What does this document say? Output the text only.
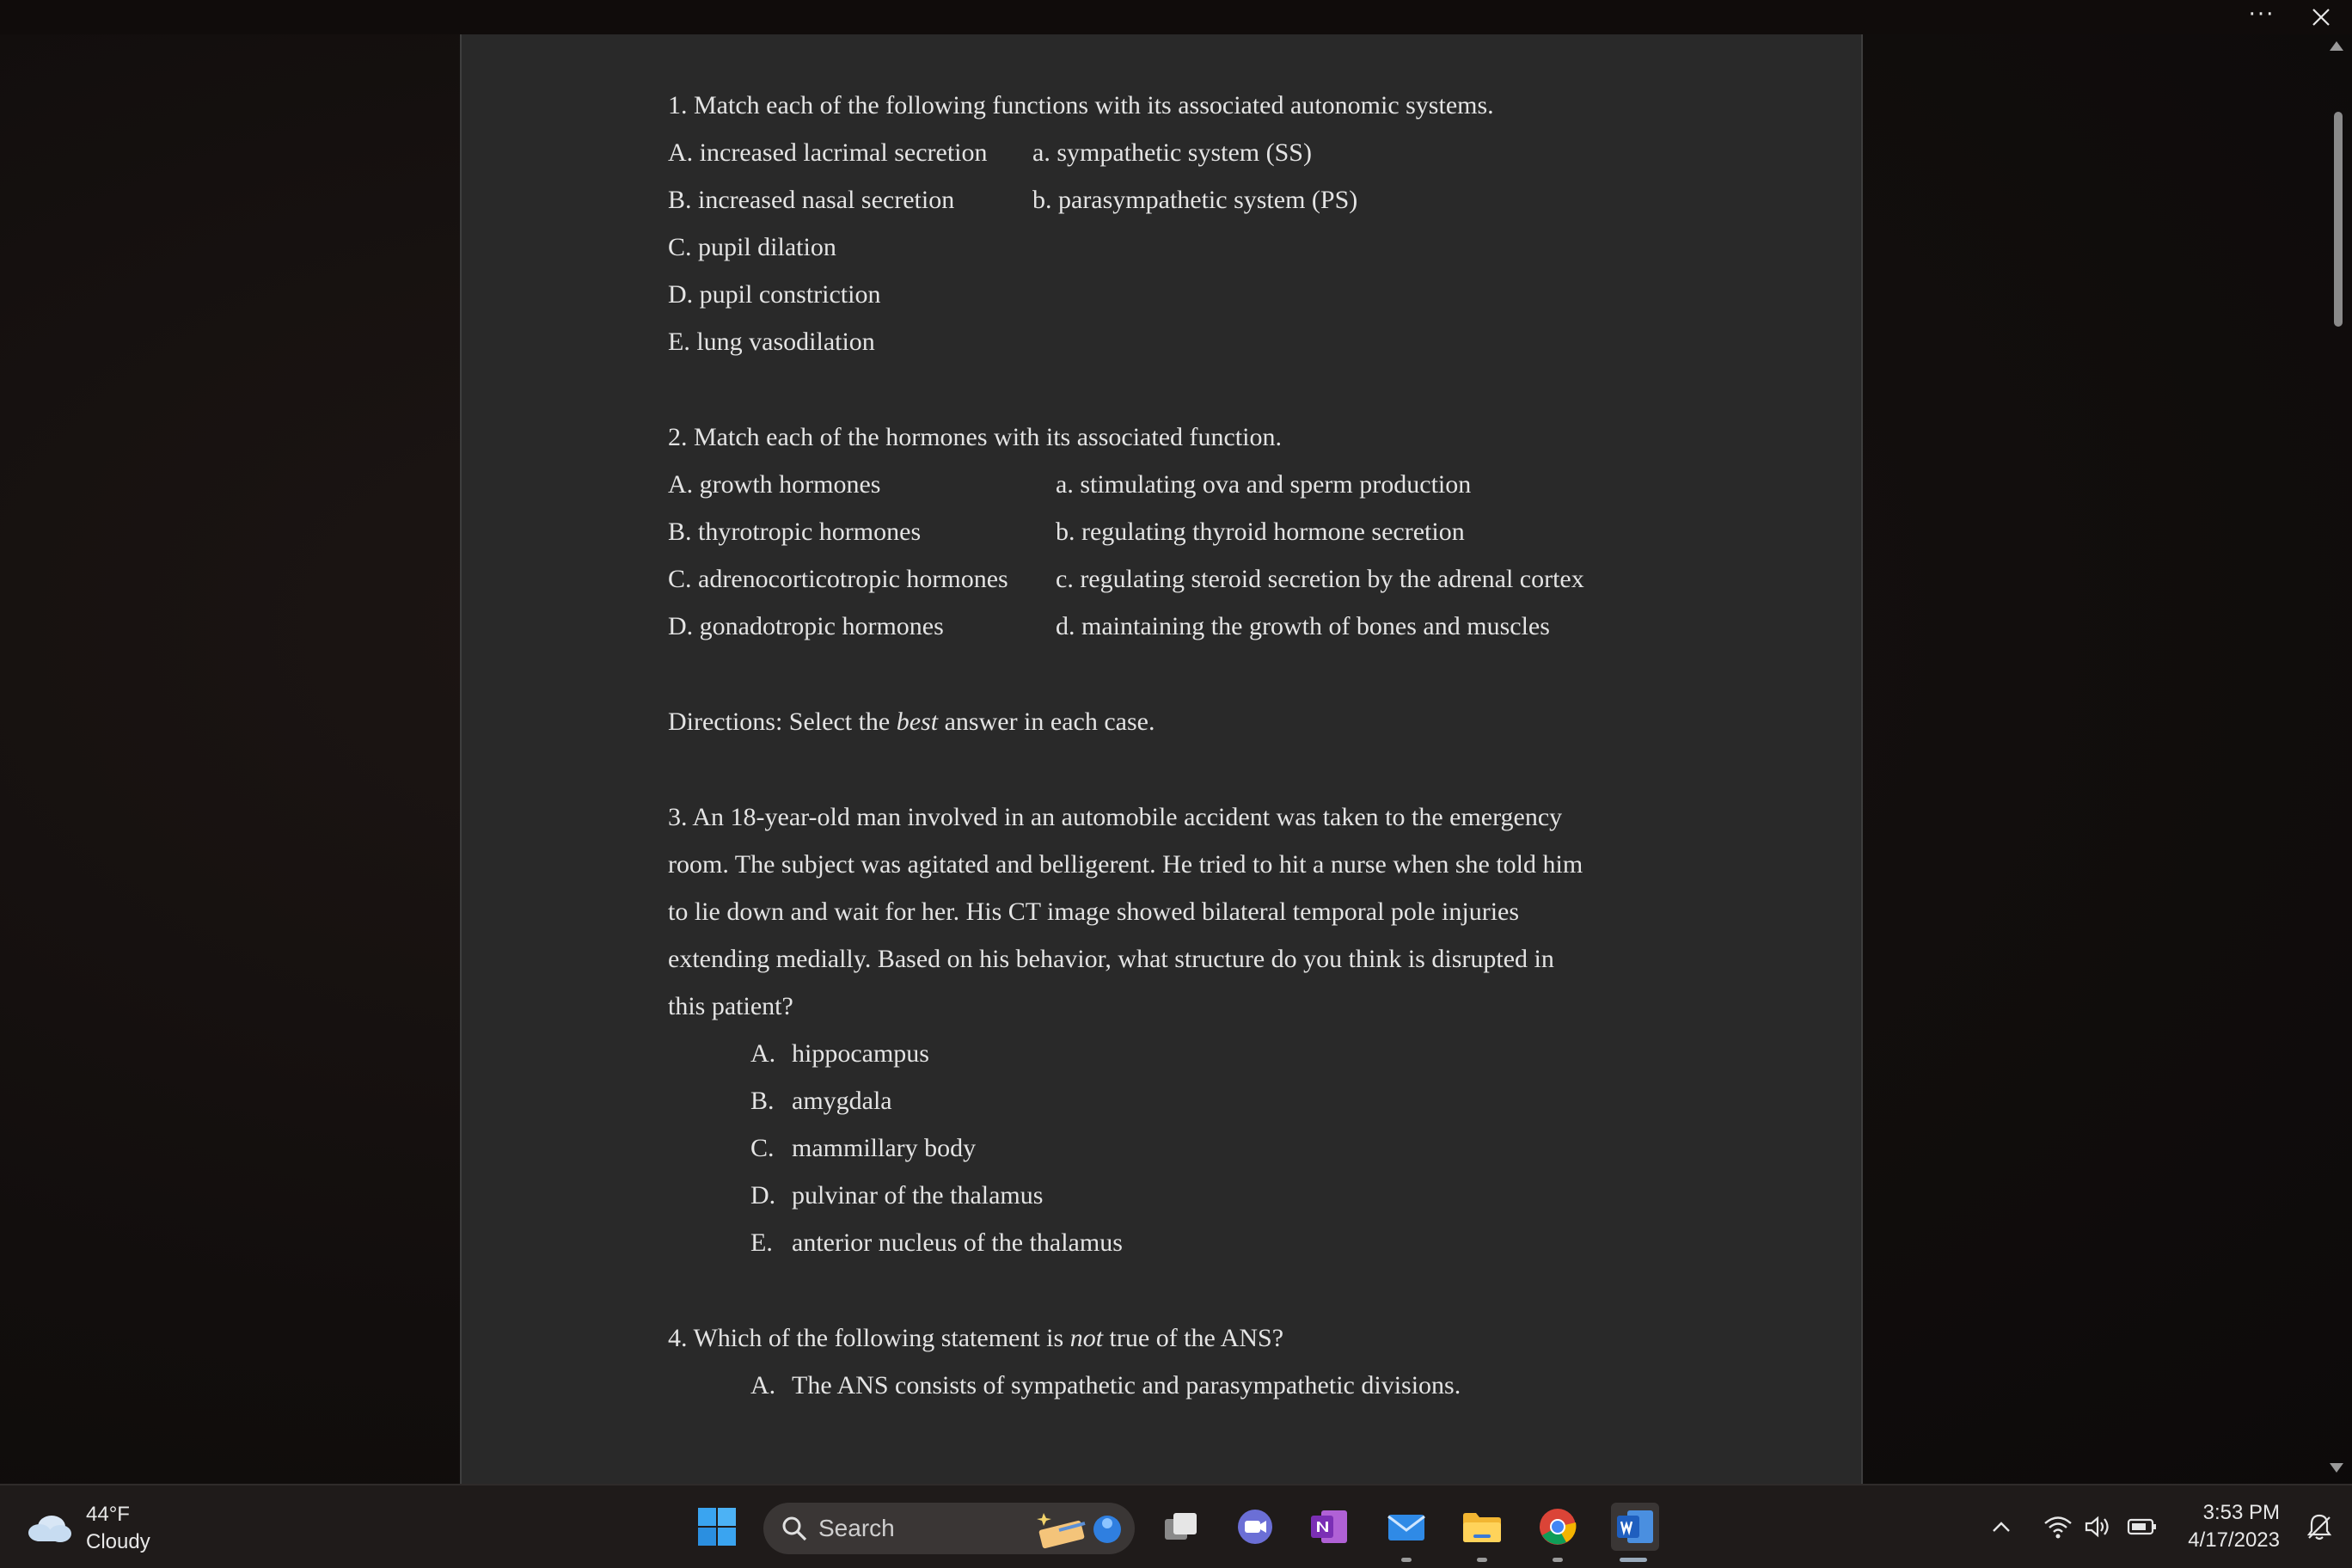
···
1. Match each of the following functions with its associated autonomic systems.
A. increased lacrimal secretion a. sympathetic system (SS)
B. increased nasal secretion	b. parasympathetic system (PS)
C. pupil dilation
D. pupil constriction
E. lung vasodilation
2. Match each of the hormones with its associated function.
A. growth hormones	a. stimulating ova and sperm production
B. thyrotropic hormones	b. regulating thyroid hormone secretion
C. adrenocorticotropic hormones c. regulating steroid secretion by the adrenal cortex
D. gonadotropic hormones	d. maintaining the growth of bones and muscles
Directions: Select the best answer in each case.
3. An 18-year-old man involved in an automobile accident was taken to the emergency
room. The subject was agitated and belligerent. He tried to hit a nurse when she told him
to lie down and wait for her. His CT image showed bilateral temporal pole injuries
extending medially. Based on his behavior, what structure do you think is disrupted in
this patient?
A. hippocampus
B. amygdala
C. mammillary body
D. pulvinar of the thalamus
E. anterior nucleus of the thalamus
4. Which of the following statement is not true of the ANS?
A. The ANS consists of sympathetic and parasympathetic divisions.
44°F
Cloudy
Search
3:53 PM
4/17/2023
